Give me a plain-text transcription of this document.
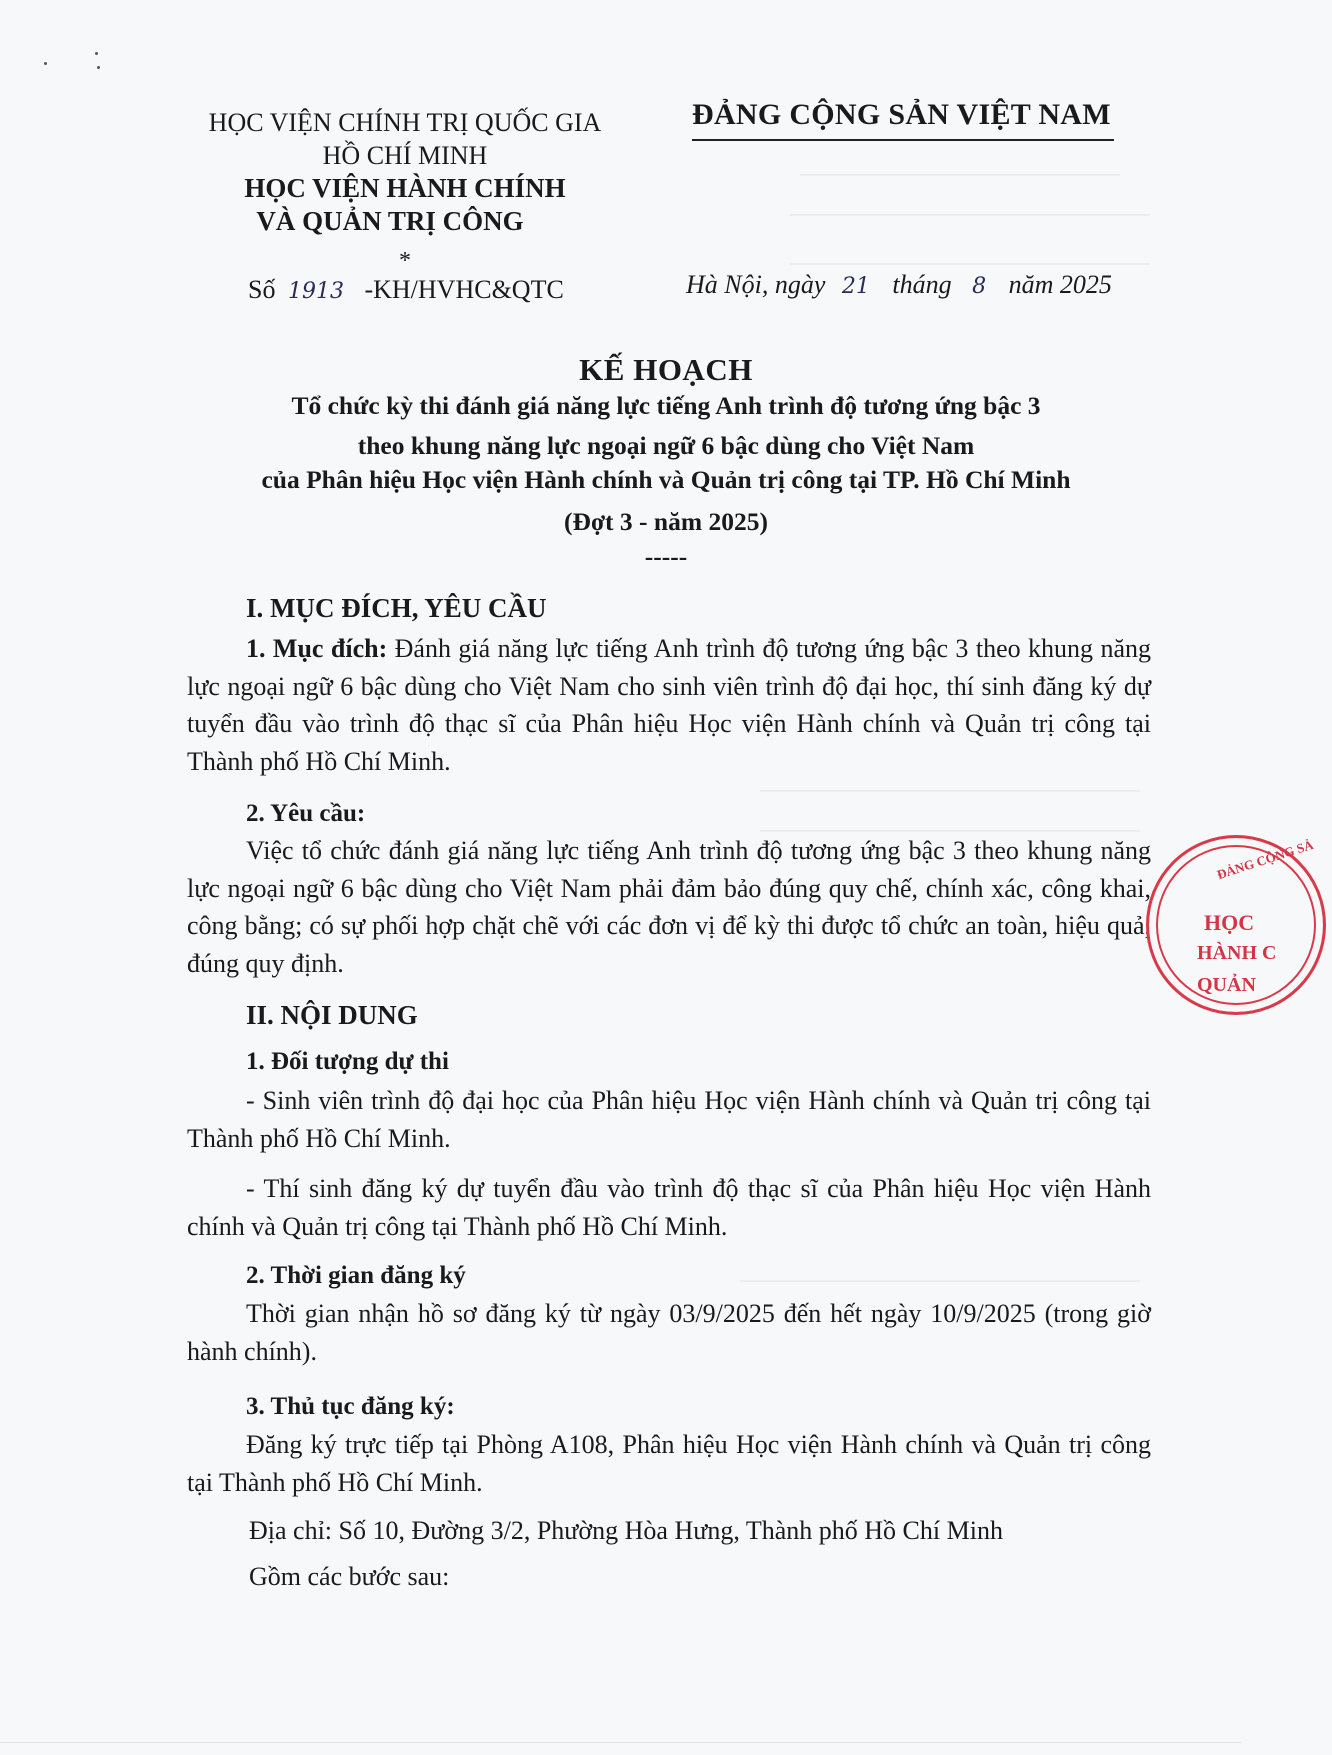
HỌC VIỆN CHÍNH TRỊ QUỐC GIA

HỒ CHÍ MINH

HỌC VIỆN HÀNH CHÍNH

VÀ QUẢN TRỊ CÔNG

*

ĐẢNG CỘNG SẢN VIỆT NAM

Số 1913 -KH/HVHC&QTC	Hà Nội, ngày 21 tháng 8 năm 2025

KẾ HOẠCH

Tổ chức kỳ thi đánh giá năng lực tiếng Anh trình độ tương ứng bậc 3

theo khung năng lực ngoại ngữ 6 bậc dùng cho Việt Nam

của Phân hiệu Học viện Hành chính và Quản trị công tại TP. Hồ Chí Minh

(Đợt 3 - năm 2025)

-----

I. MỤC ĐÍCH, YÊU CẦU

1. Mục đích: Đánh giá năng lực tiếng Anh trình độ tương ứng bậc 3 theo khung năng lực ngoại ngữ 6 bậc dùng cho Việt Nam cho sinh viên trình độ đại học, thí sinh đăng ký dự tuyển đầu vào trình độ thạc sĩ của Phân hiệu Học viện Hành chính và Quản trị công tại Thành phố Hồ Chí Minh.

2. Yêu cầu:

Việc tổ chức đánh giá năng lực tiếng Anh trình độ tương ứng bậc 3 theo khung năng lực ngoại ngữ 6 bậc dùng cho Việt Nam phải đảm bảo đúng quy chế, chính xác, công khai, công bằng; có sự phối hợp chặt chẽ với các đơn vị để kỳ thi được tổ chức an toàn, hiệu quả, đúng quy định.

II. NỘI DUNG

1. Đối tượng dự thi

- Sinh viên trình độ đại học của Phân hiệu Học viện Hành chính và Quản trị công tại Thành phố Hồ Chí Minh.

- Thí sinh đăng ký dự tuyển đầu vào trình độ thạc sĩ của Phân hiệu Học viện Hành chính và Quản trị công tại Thành phố Hồ Chí Minh.

2. Thời gian đăng ký

Thời gian nhận hồ sơ đăng ký từ ngày 03/9/2025 đến hết ngày 10/9/2025 (trong giờ hành chính).

3. Thủ tục đăng ký:

Đăng ký trực tiếp tại Phòng A108, Phân hiệu Học viện Hành chính và Quản trị công tại Thành phố Hồ Chí Minh.

Địa chỉ: Số 10, Đường 3/2, Phường Hòa Hưng, Thành phố Hồ Chí Minh

Gồm các bước sau:

ĐẢNG CỘNG SẢ
HỌC
HÀNH C
QUẢN
